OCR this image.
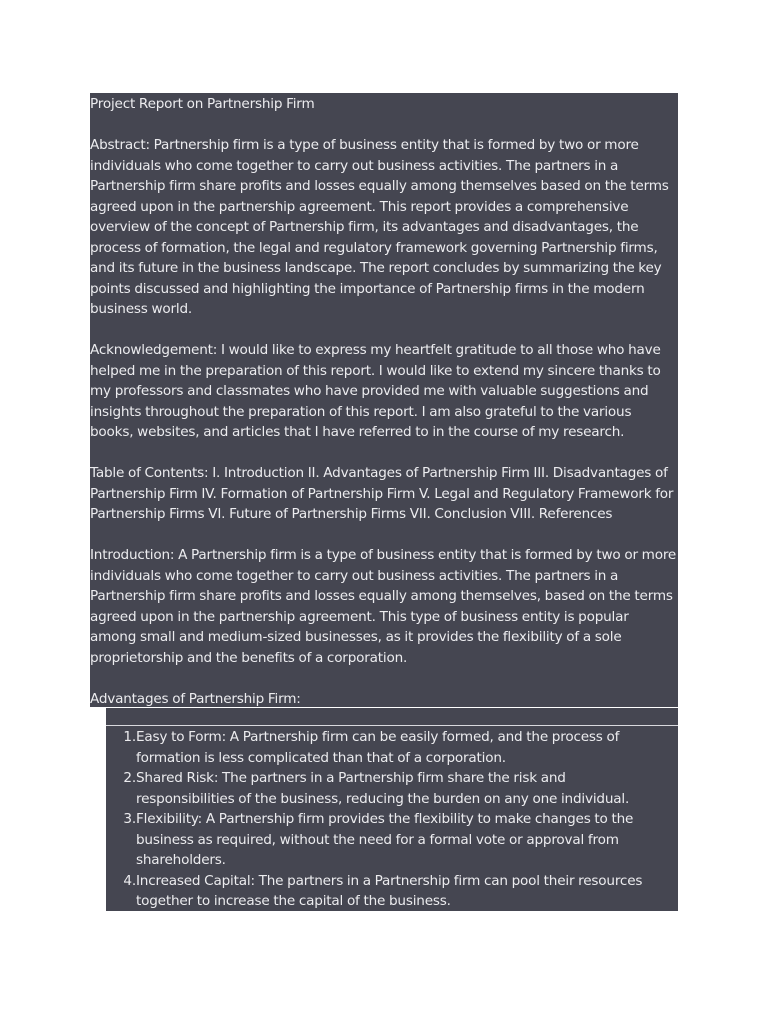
Project Report on Partnership Firm

Abstract: Partnership firm is a type of business entity that is formed by two or more individuals who come together to carry out business activities. The partners in a Partnership firm share profits and losses equally among themselves based on the terms agreed upon in the partnership agreement. This report provides a comprehensive overview of the concept of Partnership firm, its advantages and disadvantages, the process of formation, the legal and regulatory framework governing Partnership firms, and its future in the business landscape. The report concludes by summarizing the key points discussed and highlighting the importance of Partnership firms in the modern business world.

Acknowledgement: I would like to express my heartfelt gratitude to all those who have helped me in the preparation of this report. I would like to extend my sincere thanks to my professors and classmates who have provided me with valuable suggestions and insights throughout the preparation of this report. I am also grateful to the various books, websites, and articles that I have referred to in the course of my research.

Table of Contents: I. Introduction II. Advantages of Partnership Firm III. Disadvantages of Partnership Firm IV. Formation of Partnership Firm V. Legal and Regulatory Framework for Partnership Firms VI. Future of Partnership Firms VII. Conclusion VIII. References

Introduction: A Partnership firm is a type of business entity that is formed by two or more individuals who come together to carry out business activities. The partners in a Partnership firm share profits and losses equally among themselves, based on the terms agreed upon in the partnership agreement. This type of business entity is popular among small and medium-sized businesses, as it provides the flexibility of a sole proprietorship and the benefits of a corporation.

Advantages of Partnership Firm:

1. Easy to Form: A Partnership firm can be easily formed, and the process of formation is less complicated than that of a corporation.
2. Shared Risk: The partners in a Partnership firm share the risk and responsibilities of the business, reducing the burden on any one individual.
3. Flexibility: A Partnership firm provides the flexibility to make changes to the business as required, without the need for a formal vote or approval from shareholders.
4. Increased Capital: The partners in a Partnership firm can pool their resources together to increase the capital of the business.
